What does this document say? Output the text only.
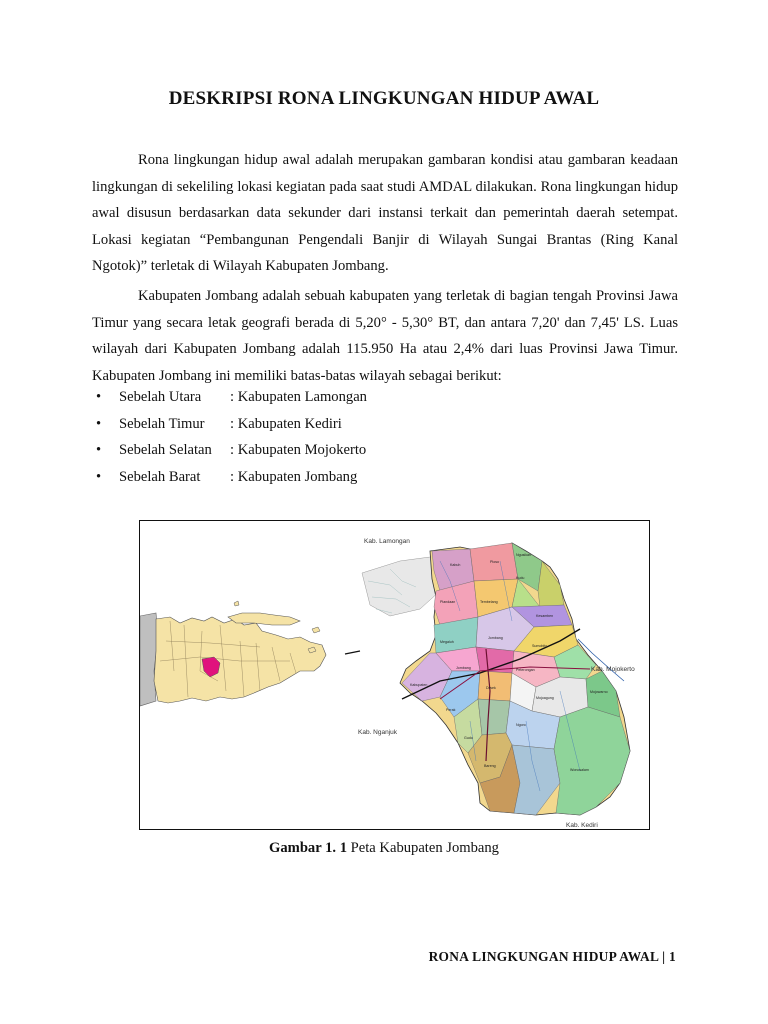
DESKRIPSI RONA LINGKUNGAN HIDUP AWAL

Rona lingkungan hidup awal adalah merupakan gambaran kondisi atau gambaran keadaan lingkungan di sekeliling lokasi kegiatan pada saat studi AMDAL dilakukan. Rona lingkungan hidup awal disusun berdasarkan data sekunder dari instansi terkait dan pemerintah daerah setempat. Lokasi kegiatan “Pembangunan Pengendali Banjir di Wilayah Sungai Brantas (Ring Kanal Ngotok)” terletak di Wilayah Kabupaten Jombang.

Kabupaten Jombang adalah sebuah kabupaten yang terletak di bagian tengah Provinsi Jawa Timur yang secara letak geografi berada di 5,20° - 5,30° BT, dan antara 7,20' dan 7,45' LS. Luas wilayah dari Kabupaten Jombang adalah 115.950 Ha atau 2,4% dari luas Provinsi Jawa Timur. Kabupaten Jombang ini memiliki batas-batas wilayah sebagai berikut:

•	Sebelah Utara	: Kabupaten Lamongan
•	Sebelah Timur	: Kabupaten Kediri
•	Sebelah Selatan	: Kabupaten Mojokerto
•	Sebelah Barat	: Kabupaten Jombang
Kabuh
Ploso
Ngusikan
Kudu
Plandaan	Tembelang
Kesamben
Megaluh
Jombang
Sumobito
Kabupaten
Jombang	Peterongan
Perak
Diwek
Mojoagung
Mojowarno
Gudo
Ngoro
Bareng
Wonosalam
Kab. Lamongan
Kab. Mojokerto
Kab. Nganjuk
Kab. Kediri
Gambar 1. 1 Peta Kabupaten Jombang
RONA LINGKUNGAN HIDUP AWAL | 1
